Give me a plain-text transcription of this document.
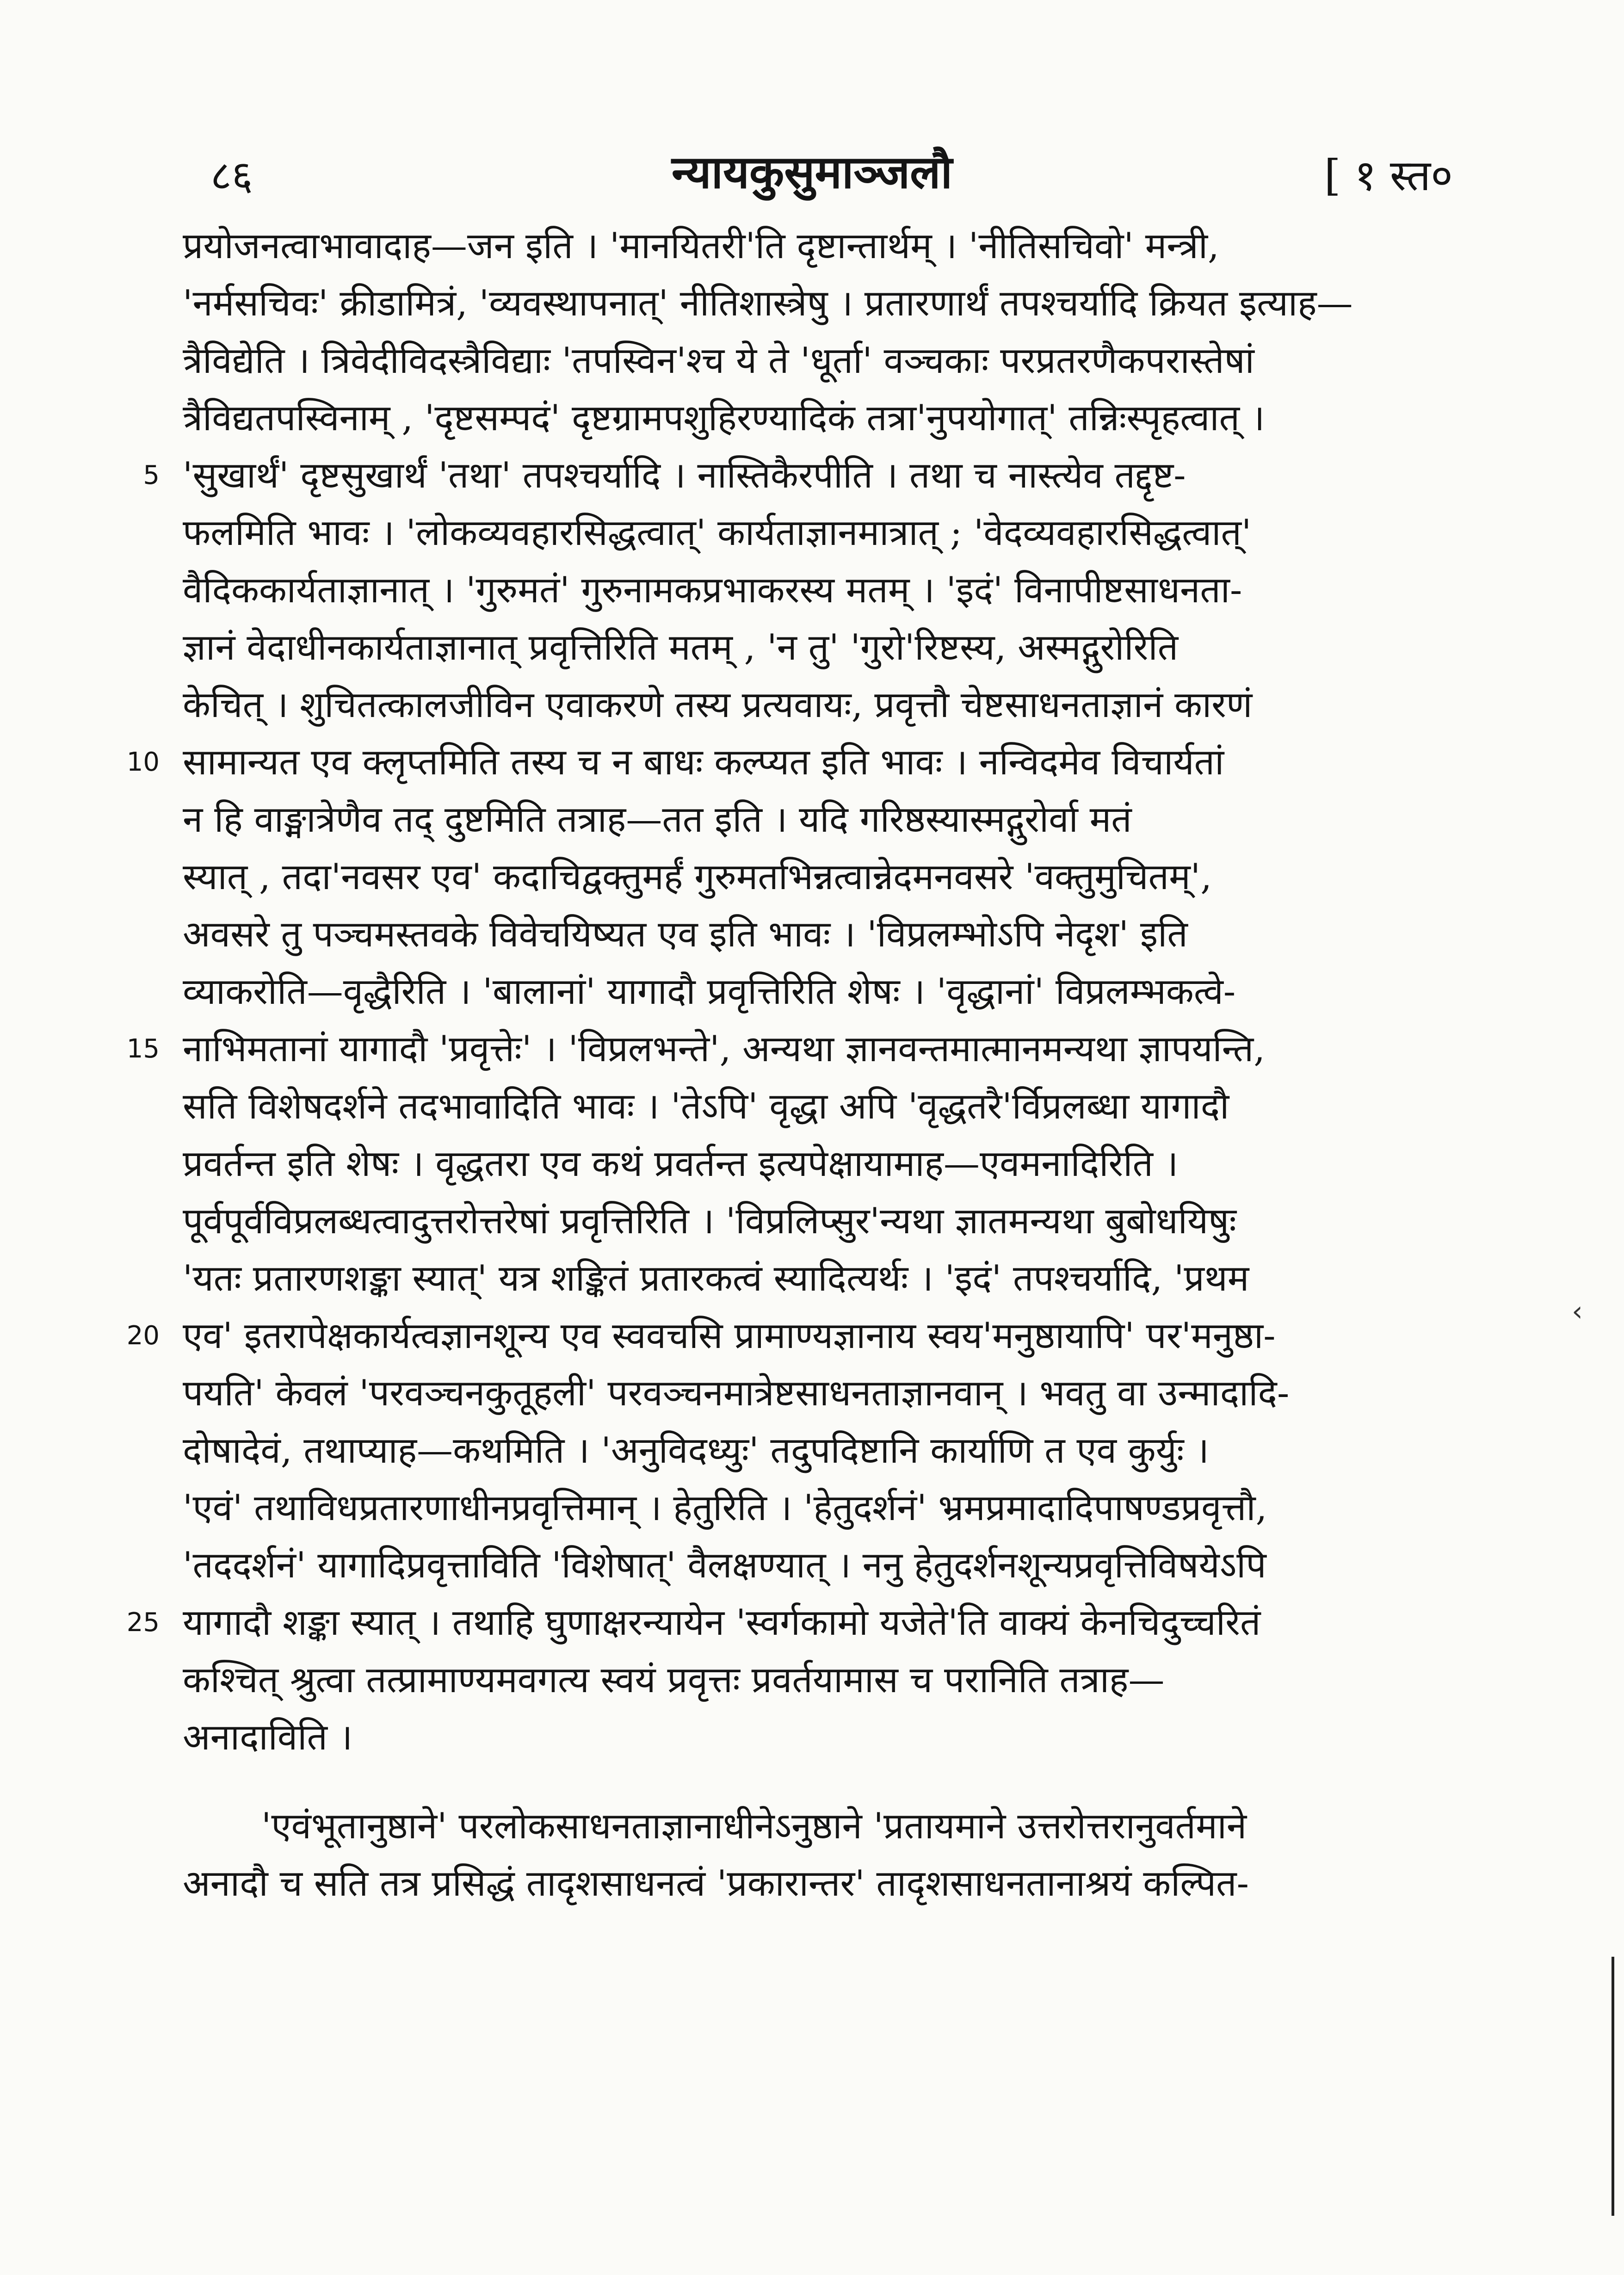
८६	न्यायकुसुमाञ्जलौ	[ १ स्त०
प्रयोजनत्वाभावादाह—जन इति । 'मानयितरी'ति दृष्टान्तार्थम् । 'नीतिसचिवो' मन्त्री,
'नर्मसचिवः' क्रीडामित्रं, 'व्यवस्थापनात्' नीतिशास्त्रेषु । प्रतारणार्थं तपश्चर्यादि क्रियत इत्याह—
त्रैविद्येति । त्रिवेदीविदस्त्रैविद्याः 'तपस्विन'श्च ये ते 'धूर्ता' वञ्चकाः परप्रतरणैकपरास्तेषां
त्रैविद्यतपस्विनाम् , 'दृष्टसम्पदं' दृष्टग्रामपशुहिरण्यादिकं तत्रा'नुपयोगात्' तन्निःस्पृहत्वात् ।
5 'सुखार्थं' दृष्टसुखार्थं 'तथा' तपश्चर्यादि । नास्तिकैरपीति । तथा च नास्त्येव तद्दृष्ट-
फलमिति भावः । 'लोकव्यवहारसिद्धत्वात्' कार्यताज्ञानमात्रात् ; 'वेदव्यवहारसिद्धत्वात्'
वैदिककार्यताज्ञानात् । 'गुरुमतं' गुरुनामकप्रभाकरस्य मतम् । 'इदं' विनापीष्टसाधनता-
ज्ञानं वेदाधीनकार्यताज्ञानात् प्रवृत्तिरिति मतम् , 'न तु' 'गुरो'रिष्टस्य, अस्मद्गुरोरिति
केचित् । शुचितत्कालजीविन एवाकरणे तस्य प्रत्यवायः, प्रवृत्तौ चेष्टसाधनताज्ञानं कारणं
10 सामान्यत एव क्लृप्तमिति तस्य च न बाधः कल्प्यत इति भावः । नन्विदमेव विचार्यतां
न हि वाङ्मात्रेणैव तद् दुष्टमिति तत्राह—तत इति । यदि गरिष्ठस्यास्मद्गुरोर्वा मतं
स्यात् , तदा'नवसर एव' कदाचिद्वक्तुमर्हं गुरुमतभिन्नत्वान्नेदमनवसरे 'वक्तुमुचितम्',
अवसरे तु पञ्चमस्तवके विवेचयिष्यत एव इति भावः । 'विप्रलम्भोऽपि नेदृश' इति
व्याकरोति—वृद्धैरिति । 'बालानां' यागादौ प्रवृत्तिरिति शेषः । 'वृद्धानां' विप्रलम्भकत्वे-
15 नाभिमतानां यागादौ 'प्रवृत्तेः' । 'विप्रलभन्ते', अन्यथा ज्ञानवन्तमात्मानमन्यथा ज्ञापयन्ति,
सति विशेषदर्शने तदभावादिति भावः । 'तेऽपि' वृद्धा अपि 'वृद्धतरै'र्विप्रलब्धा यागादौ
प्रवर्तन्त इति शेषः । वृद्धतरा एव कथं प्रवर्तन्त इत्यपेक्षायामाह—एवमनादिरिति ।
पूर्वपूर्वविप्रलब्धत्वादुत्तरोत्तरेषां प्रवृत्तिरिति । 'विप्रलिप्सुर'न्यथा ज्ञातमन्यथा बुबोधयिषुः
'यतः प्रतारणशङ्का स्यात्' यत्र शङ्कितं प्रतारकत्वं स्यादित्यर्थः । 'इदं' तपश्चर्यादि, 'प्रथम
20 एव' इतरापेक्षकार्यत्वज्ञानशून्य एव स्ववचसि प्रामाण्यज्ञानाय स्वय'मनुष्ठायापि' पर'मनुष्ठा-
पयति' केवलं 'परवञ्चनकुतूहली' परवञ्चनमात्रेष्टसाधनताज्ञानवान् । भवतु वा उन्मादादि-
दोषादेवं, तथाप्याह—कथमिति । 'अनुविदध्युः' तदुपदिष्टानि कार्याणि त एव कुर्युः ।
'एवं' तथाविधप्रतारणाधीनप्रवृत्तिमान् । हेतुरिति । 'हेतुदर्शनं' भ्रमप्रमादादिपाषण्डप्रवृत्तौ,
'तददर्शनं' यागादिप्रवृत्ताविति 'विशेषात्' वैलक्षण्यात् । ननु हेतुदर्शनशून्यप्रवृत्तिविषयेऽपि
25 यागादौ शङ्का स्यात् । तथाहि घुणाक्षरन्यायेन 'स्वर्गकामो यजेते'ति वाक्यं केनचिदुच्चरितं
कश्चित् श्रुत्वा तत्प्रामाण्यमवगत्य स्वयं प्रवृत्तः प्रवर्तयामास च परानिति तत्राह—
अनादाविति ।
'एवंभूतानुष्ठाने' परलोकसाधनताज्ञानाधीनेऽनुष्ठाने 'प्रतायमाने उत्तरोत्तरानुवर्तमाने
अनादौ च सति तत्र प्रसिद्धं तादृशसाधनत्वं 'प्रकारान्तर' तादृशसाधनतानाश्रयं कल्पित-
‹
